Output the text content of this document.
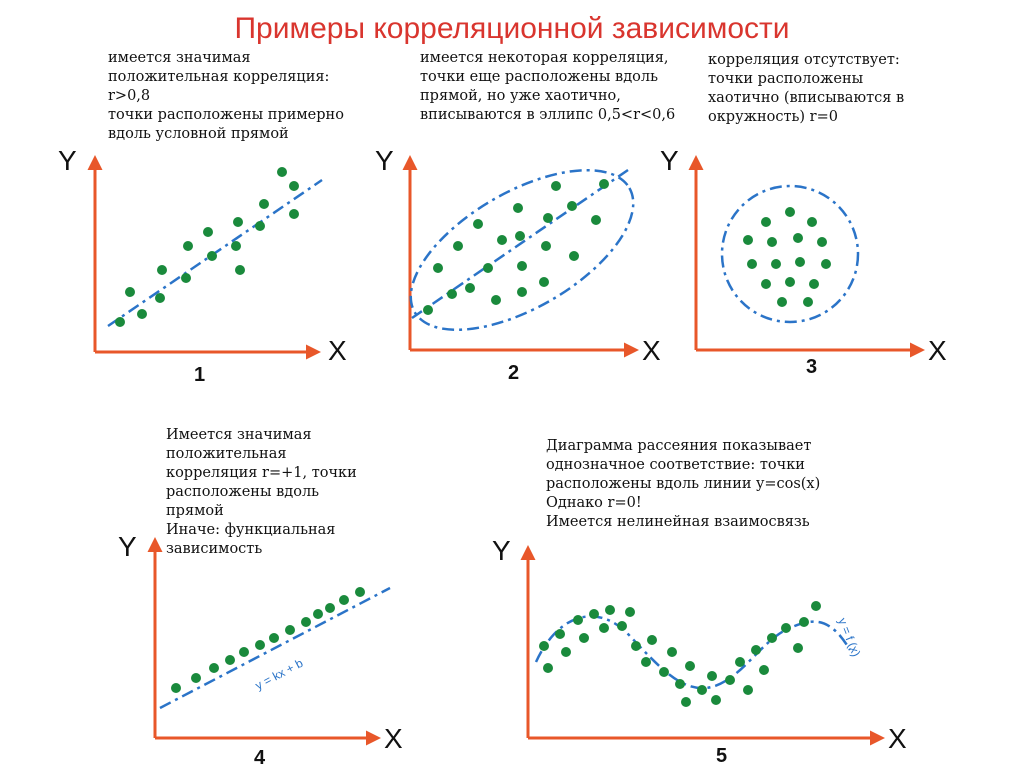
Примеры корреляционной зависимости
имеется значимая
положительная корреляция:
r>0,8
точки расположены примерно
вдоль условной прямой
имеется некоторая корреляция,
точки еще расположены вдоль
прямой, но уже хаотично,
вписываются в эллипс 0,5<r<0,6
корреляция отсутствует:
точки расположены
хаотично (вписываются в
окружность) r=0
Имеется значимая
положительная
корреляция r=+1, точки
расположены вдоль
прямой
Иначе: функциальная
зависимость
Диаграмма рассеяния показывает
однозначное соответствие: точки
расположены вдоль линии y=cos(x)
Однако r=0!
Имеется нелинейная взаимосвязь
Y
X
1
Y
X
2
Y
X
3
Y
X
y = kx + b
4
Y
X
y = f (x)
5
